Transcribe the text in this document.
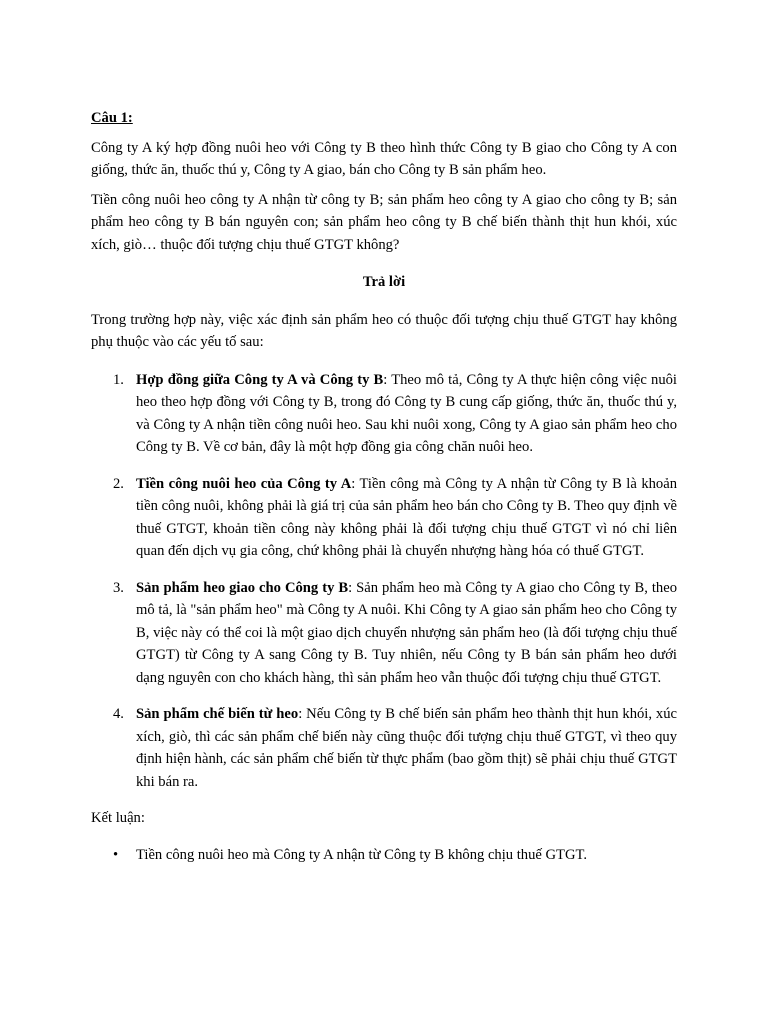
Câu 1:

Công ty A ký hợp đồng nuôi heo với Công ty B theo hình thức Công ty B giao cho Công ty A con giống, thức ăn, thuốc thú y, Công ty A giao, bán cho Công ty B sản phẩm heo.

Tiền công nuôi heo công ty A nhận từ công ty B; sản phẩm heo công ty A giao cho công ty B; sản phẩm heo công ty B bán nguyên con; sản phẩm heo công ty B chế biến thành thịt hun khói, xúc xích, giò… thuộc đối tượng chịu thuế GTGT không?

Trả lời

Trong trường hợp này, việc xác định sản phẩm heo có thuộc đối tượng chịu thuế GTGT hay không phụ thuộc vào các yếu tố sau:

1. Hợp đồng giữa Công ty A và Công ty B: Theo mô tả, Công ty A thực hiện công việc nuôi heo theo hợp đồng với Công ty B, trong đó Công ty B cung cấp giống, thức ăn, thuốc thú y, và Công ty A nhận tiền công nuôi heo. Sau khi nuôi xong, Công ty A giao sản phẩm heo cho Công ty B. Về cơ bản, đây là một hợp đồng gia công chăn nuôi heo.
2. Tiền công nuôi heo của Công ty A: Tiền công mà Công ty A nhận từ Công ty B là khoản tiền công nuôi, không phải là giá trị của sản phẩm heo bán cho Công ty B. Theo quy định về thuế GTGT, khoản tiền công này không phải là đối tượng chịu thuế GTGT vì nó chỉ liên quan đến dịch vụ gia công, chứ không phải là chuyển nhượng hàng hóa có thuế GTGT.
3. Sản phẩm heo giao cho Công ty B: Sản phẩm heo mà Công ty A giao cho Công ty B, theo mô tả, là "sản phẩm heo" mà Công ty A nuôi. Khi Công ty A giao sản phẩm heo cho Công ty B, việc này có thể coi là một giao dịch chuyển nhượng sản phẩm heo (là đối tượng chịu thuế GTGT) từ Công ty A sang Công ty B. Tuy nhiên, nếu Công ty B bán sản phẩm heo dưới dạng nguyên con cho khách hàng, thì sản phẩm heo vẫn thuộc đối tượng chịu thuế GTGT.
4. Sản phẩm chế biến từ heo: Nếu Công ty B chế biến sản phẩm heo thành thịt hun khói, xúc xích, giò, thì các sản phẩm chế biến này cũng thuộc đối tượng chịu thuế GTGT, vì theo quy định hiện hành, các sản phẩm chế biến từ thực phẩm (bao gồm thịt) sẽ phải chịu thuế GTGT khi bán ra.

Kết luận:

• Tiền công nuôi heo mà Công ty A nhận từ Công ty B không chịu thuế GTGT.
